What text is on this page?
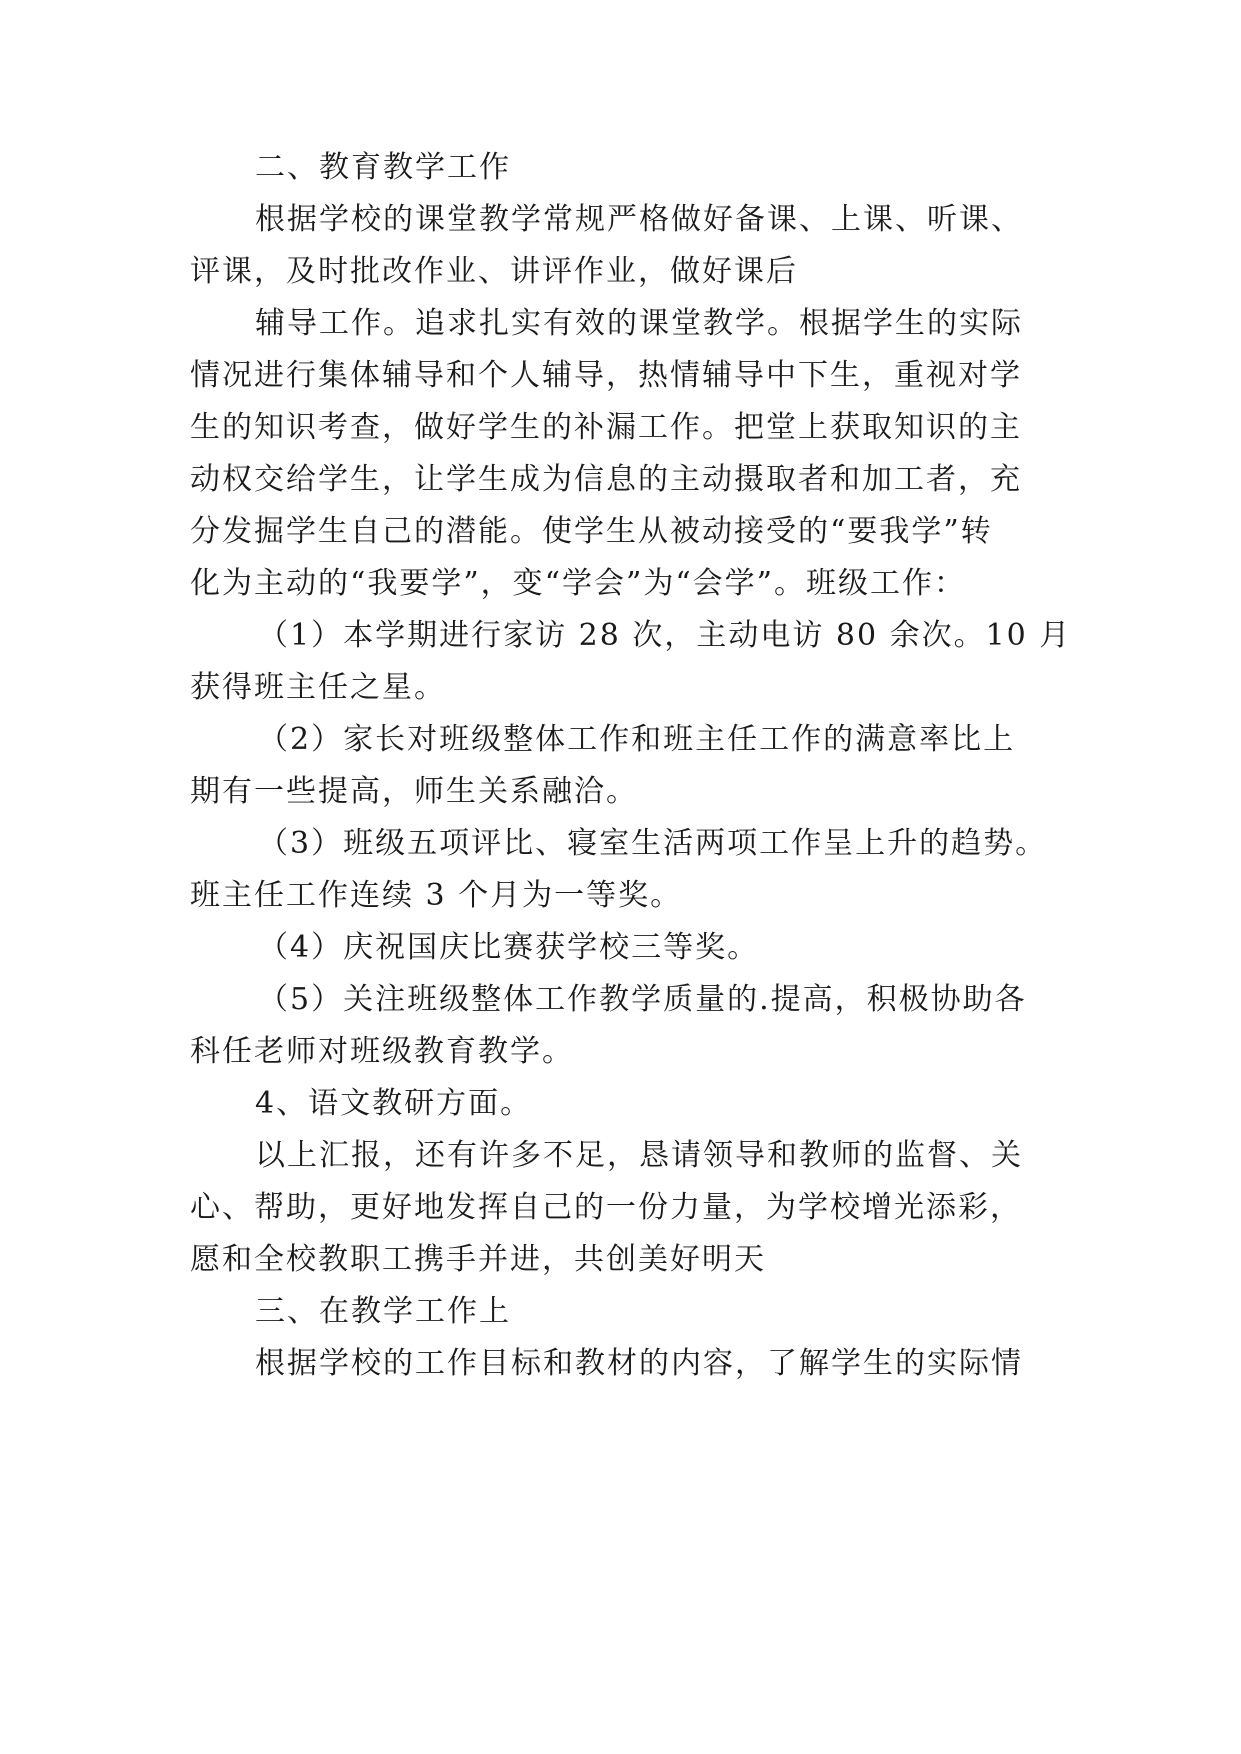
二、教育教学工作
根据学校的课堂教学常规严格做好备课、上课、听课、
评课，及时批改作业、讲评作业，做好课后
辅导工作。追求扎实有效的课堂教学。根据学生的实际
情况进行集体辅导和个人辅导，热情辅导中下生，重视对学
生的知识考查，做好学生的补漏工作。把堂上获取知识的主
动权交给学生，让学生成为信息的主动摄取者和加工者，充
分发掘学生自己的潜能。使学生从被动接受的“要我学”转
化为主动的“我要学”，变“学会”为“会学”。班级工作：
（1）本学期进行家访 28 次，主动电访 80 余次。10 月
获得班主任之星。
（2）家长对班级整体工作和班主任工作的满意率比上
期有一些提高，师生关系融洽。
（3）班级五项评比、寝室生活两项工作呈上升的趋势。
班主任工作连续 3 个月为一等奖。
（4）庆祝国庆比赛获学校三等奖。
（5）关注班级整体工作教学质量的.提高，积极协助各
科任老师对班级教育教学。
4、语文教研方面。
以上汇报，还有许多不足，恳请领导和教师的监督、关
心、帮助，更好地发挥自己的一份力量，为学校增光添彩，
愿和全校教职工携手并进，共创美好明天
三、在教学工作上
根据学校的工作目标和教材的内容，了解学生的实际情
